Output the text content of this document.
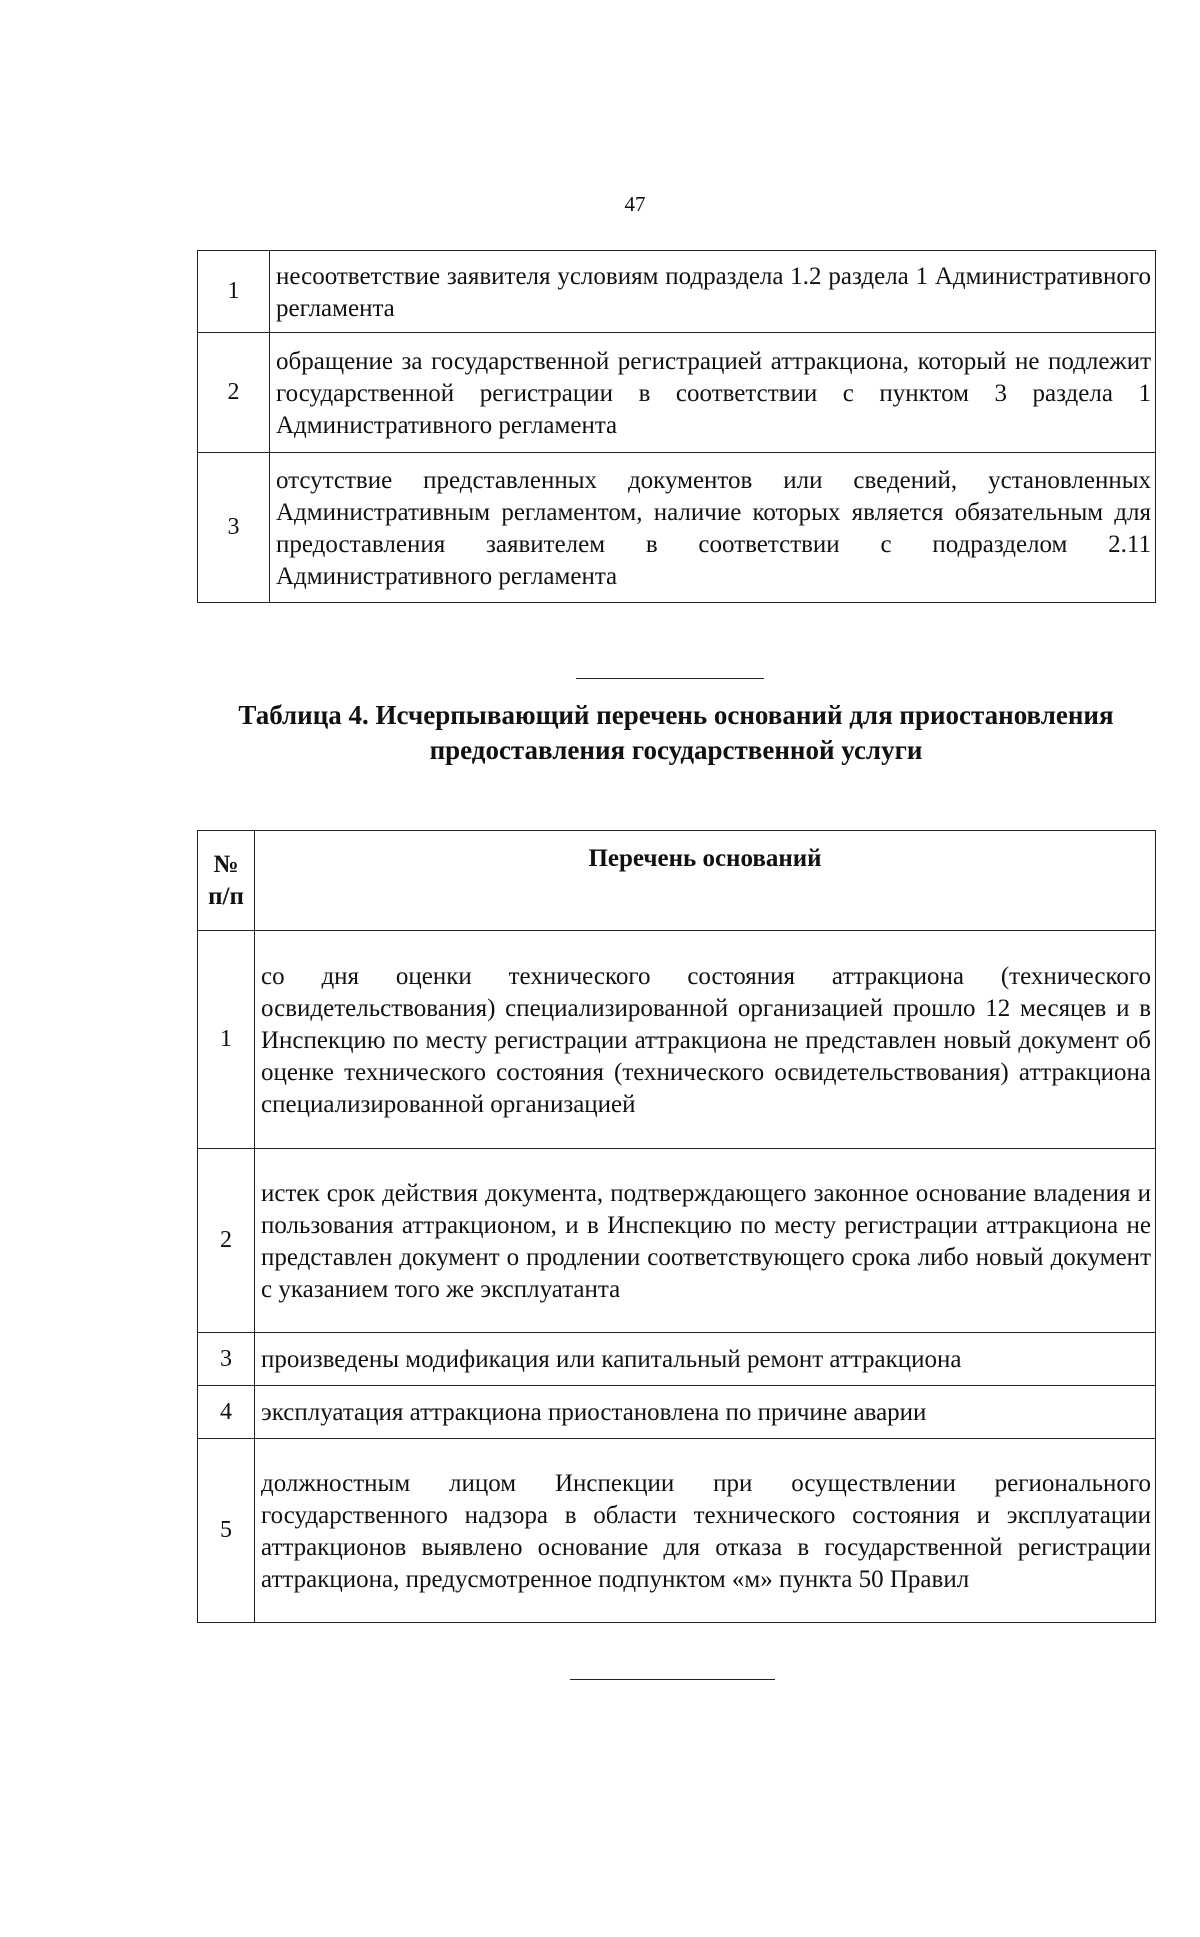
47
1	несоответствие заявителя условиям подраздела 1.2 раздела 1 Административного регламента
2	обращение за государственной регистрацией аттракциона, который не подлежит государственной регистрации в соответствии с пунктом 3 раздела 1 Административного регламента
3	отсутствие представленных документов или сведений, установленных Административным регламентом, наличие которых является обязательным для предоставления заявителем в соответствии с подразделом 2.11 Административного регламента
Таблица 4. Исчерпывающий перечень оснований для приостановления
предоставления государственной услуги
№
п/п	Перечень оснований
1	со дня оценки технического состояния аттракциона (технического освидетельствования) специализированной организацией прошло 12 месяцев и в Инспекцию по месту регистрации аттракциона не представлен новый документ об оценке технического состояния (технического освидетельствования) аттракциона специализированной организацией
2	истек срок действия документа, подтверждающего законное основание владения и пользования аттракционом, и в Инспекцию по месту регистрации аттракциона не представлен документ о продлении соответствующего срока либо новый документ с указанием того же эксплуатанта
3	произведены модификация или капитальный ремонт аттракциона
4	эксплуатация аттракциона приостановлена по причине аварии
5	должностным лицом Инспекции при осуществлении регионального государственного надзора в области технического состояния и эксплуатации аттракционов выявлено основание для отказа в государственной регистрации аттракциона, предусмотренное подпунктом «м» пункта 50 Правил
